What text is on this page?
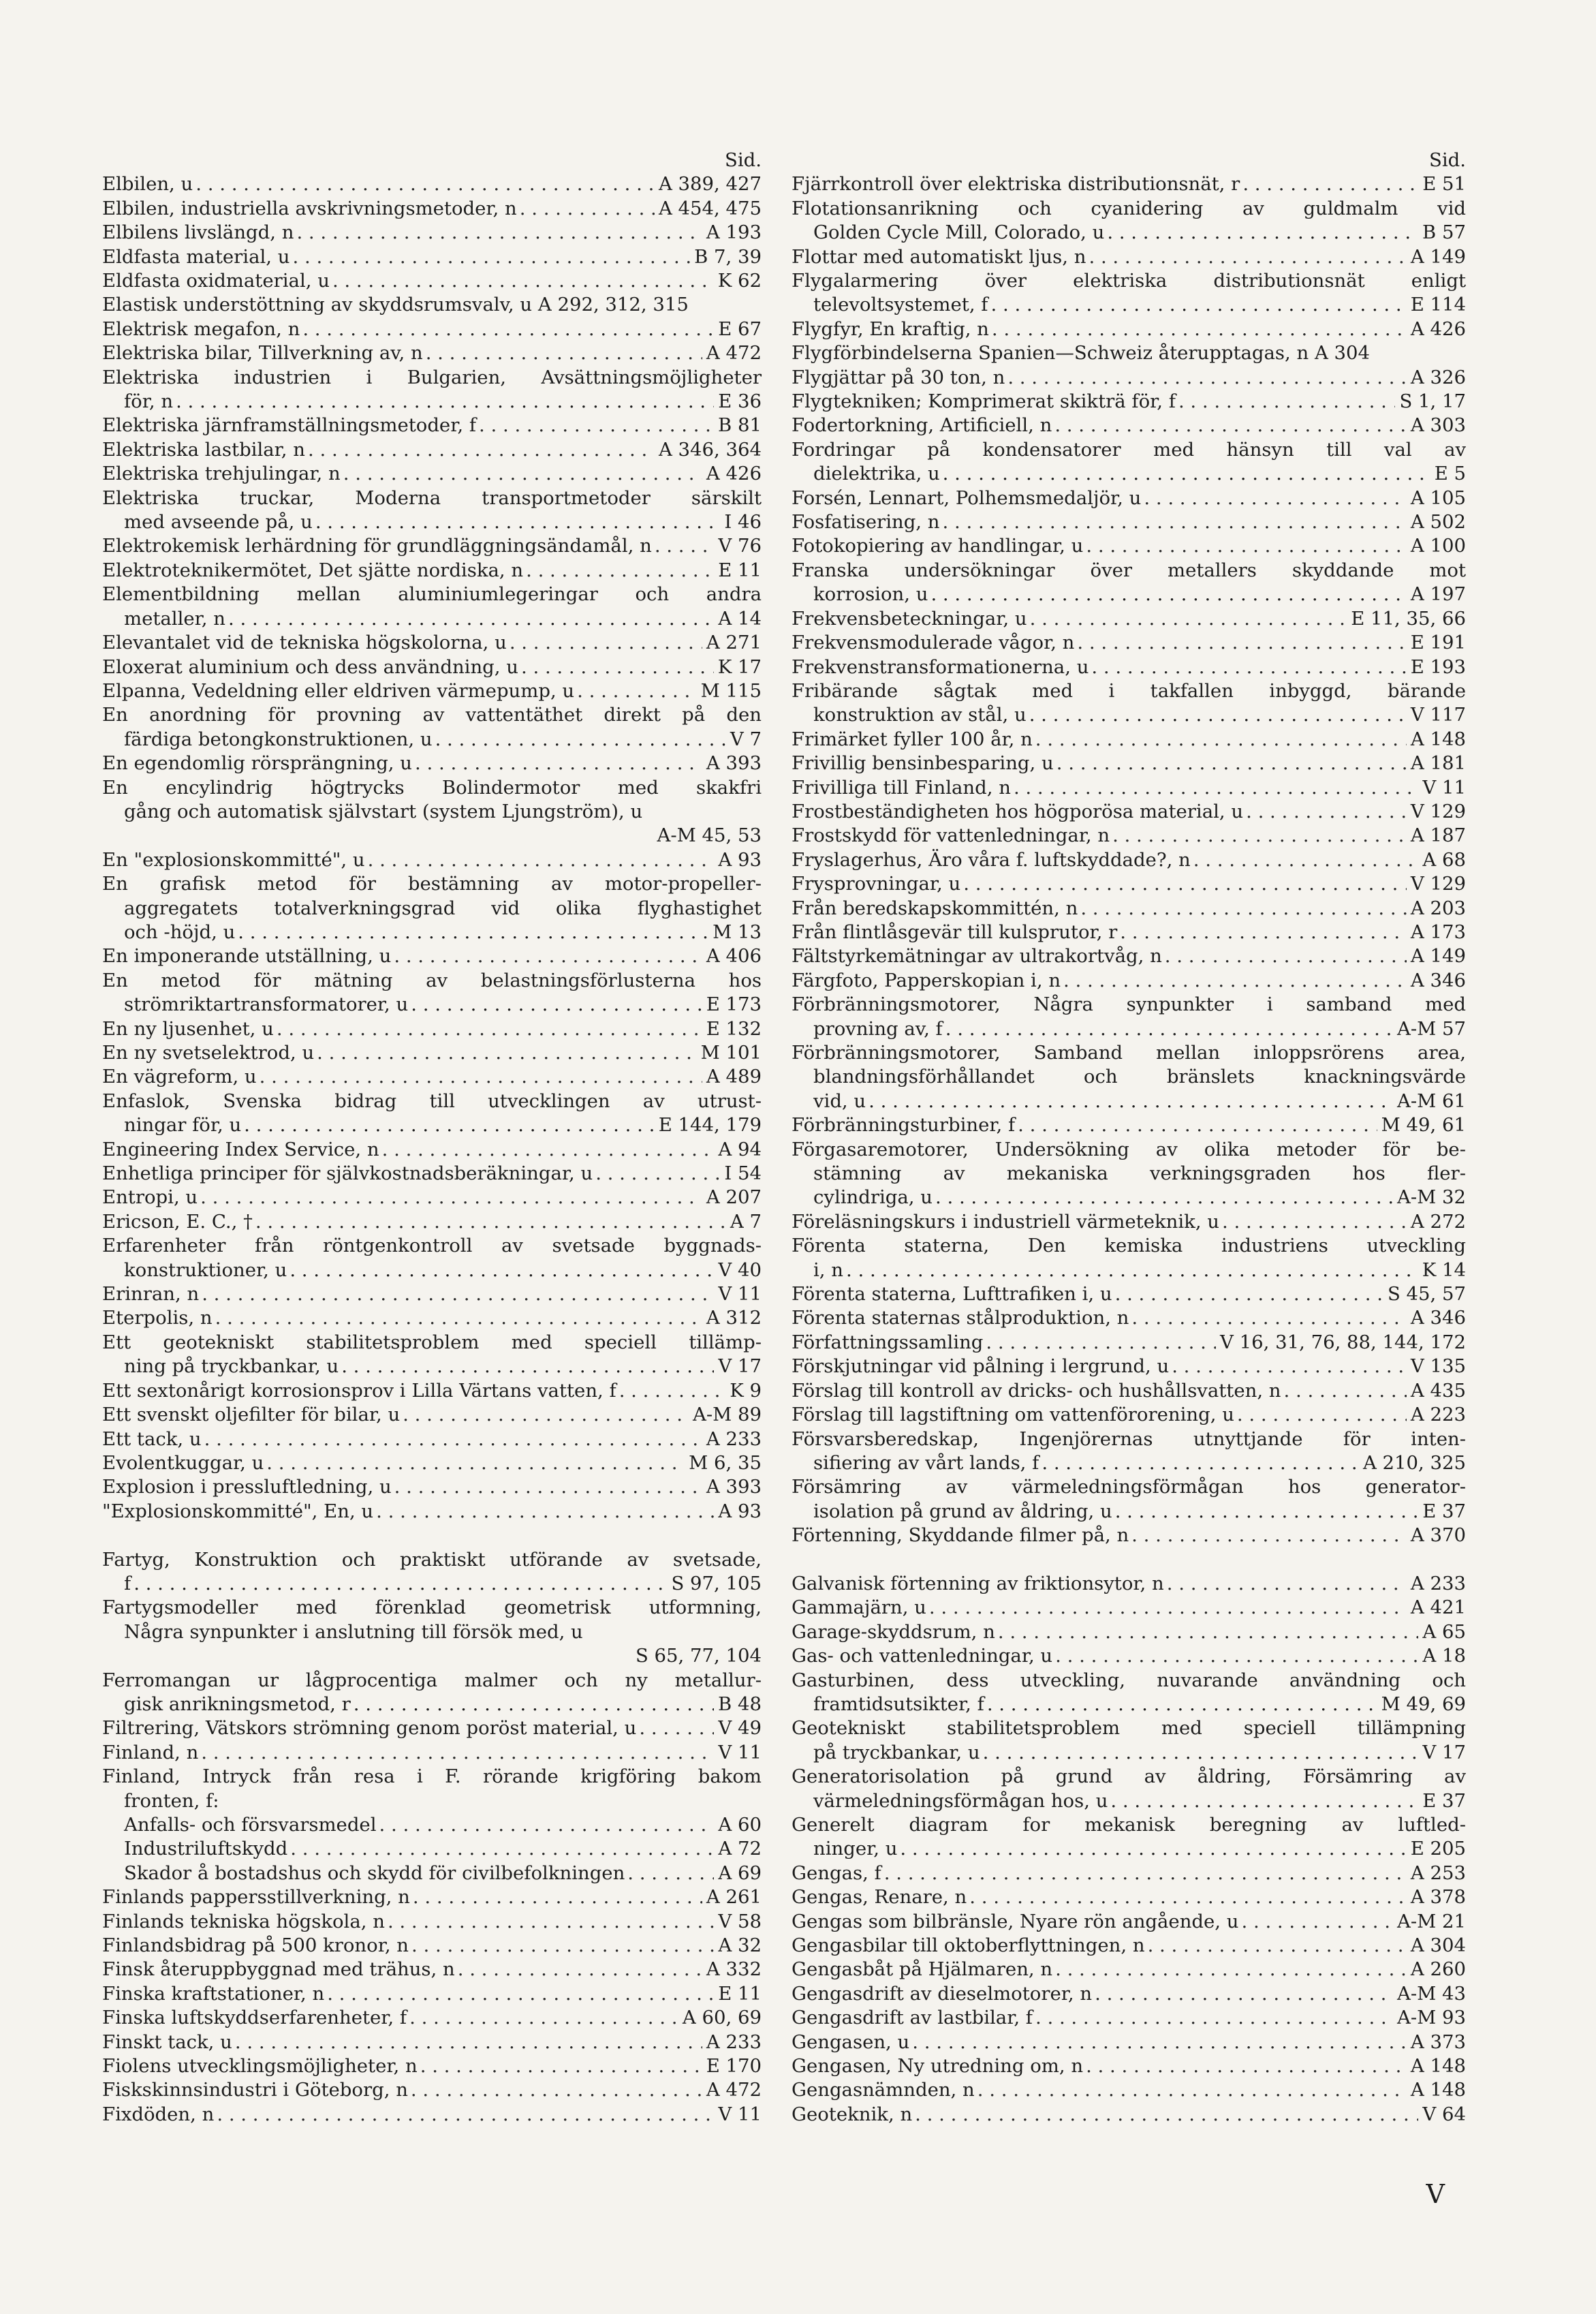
Sid.
Elbilen, u . . .	A 389, 427
Elbilen, industriella avskrivningsmetoder, n . . .	A 454, 475
Elbilens livslängd, n . . .	A 193
Eldfasta material, u . . .	B 7, 39
Eldfasta oxidmaterial, u . . .	K 62
Elastisk understöttning av skyddsrumsvalv, u A 292, 312, 315
Elektrisk megafon, n . . .	E 67
Elektriska bilar, Tillverkning av, n . . .	A 472
Elektriska industrien i Bulgarien, Avsättningsmöjligheter
för, n . . .	E 36
Elektriska järnframställningsmetoder, f . . .	B 81
Elektriska lastbilar, n . . .	A 346, 364
Elektriska trehjulingar, n . . .	A 426
Elektriska truckar, Moderna transportmetoder särskilt
med avseende på, u . . .	I 46
Elektrokemisk lerhärdning för grundläggningsändamål, n . . .	V 76
Elektroteknikermötet, Det sjätte nordiska, n . . .	E 11
Elementbildning mellan aluminiumlegeringar och andra
metaller, n . . .	A 14
Elevantalet vid de tekniska högskolorna, u . . .	A 271
Eloxerat aluminium och dess användning, u . . .	K 17
Elpanna, Vedeldning eller eldriven värmepump, u . . .	M 115
En anordning för provning av vattentäthet direkt på den
färdiga betongkonstruktionen, u . . .	V 7
En egendomlig rörsprängning, u . . .	A 393
En encylindrig högtrycks Bolindermotor med skakfri
gång och automatisk självstart (system Ljungström), u
A-M 45, 53
En "explosionskommitté", u . . .	A 93
En grafisk metod för bestämning av motor-propeller-
aggregatets totalverkningsgrad vid olika flyghastighet
och -höjd, u . . .	M 13
En imponerande utställning, u . . .	A 406
En metod för mätning av belastningsförlusterna hos
strömriktartransformatorer, u . . .	E 173
En ny ljusenhet, u . . .	E 132
En ny svetselektrod, u . . .	M 101
En vägreform, u . . .	A 489
Enfaslok, Svenska bidrag till utvecklingen av utrust-
ningar för, u . . .	E 144, 179
Engineering Index Service, n . . .	A 94
Enhetliga principer för självkostnadsberäkningar, u . . .	I 54
Entropi, u . . .	A 207
Ericson, E. C., † . . .	A 7
Erfarenheter från röntgenkontroll av svetsade byggnads-
konstruktioner, u . . .	V 40
Erinran, n . . .	V 11
Eterpolis, n . . .	A 312
Ett geotekniskt stabilitetsproblem med speciell tillämp-
ning på tryckbankar, u . . .	V 17
Ett sextonårigt korrosionsprov i Lilla Värtans vatten, f . . .	K 9
Ett svenskt oljefilter för bilar, u . . .	A-M 89
Ett tack, u . . .	A 233
Evolentkuggar, u . . .	M 6, 35
Explosion i pressluftledning, u . . .	A 393
"Explosionskommitté", En, u . . .	A 93
Fartyg, Konstruktion och praktiskt utförande av svetsade,
f . . .	S 97, 105
Fartygsmodeller med förenklad geometrisk utformning,
Några synpunkter i anslutning till försök med, u
S 65, 77, 104
Ferromangan ur lågprocentiga malmer och ny metallur-
gisk anrikningsmetod, r . . .	B 48
Filtrering, Vätskors strömning genom poröst material, u . . .	V 49
Finland, n . . .	V 11
Finland, Intryck från resa i F. rörande krigföring bakom
fronten, f:
Anfalls- och försvarsmedel . . .	A 60
Industriluftskydd . . .	A 72
Skador å bostadshus och skydd för civilbefolkningen . . .	A 69
Finlands pappersstillverkning, n . . .	A 261
Finlands tekniska högskola, n . . .	V 58
Finlandsbidrag på 500 kronor, n . . .	A 32
Finsk återuppbyggnad med trähus, n . . .	A 332
Finska kraftstationer, n . . .	E 11
Finska luftskyddserfarenheter, f . . .	A 60, 69
Finskt tack, u . . .	A 233
Fiolens utvecklingsmöjligheter, n . . .	E 170
Fiskskinnsindustri i Göteborg, n . . .	A 472
Fixdöden, n . . .	V 11
Sid.
Fjärrkontroll över elektriska distributionsnät, r . . .	E 51
Flotationsanrikning och cyanidering av guldmalm vid
Golden Cycle Mill, Colorado, u . . .	B 57
Flottar med automatiskt ljus, n . . .	A 149
Flygalarmering över elektriska distributionsnät enligt
televoltsystemet, f . . .	E 114
Flygfyr, En kraftig, n . . .	A 426
Flygförbindelserna Spanien—Schweiz återupptagas, n A 304
Flygjättar på 30 ton, n . . .	A 326
Flygtekniken; Komprimerat skikträ för, f . . .	S 1, 17
Fodertorkning, Artificiell, n . . .	A 303
Fordringar på kondensatorer med hänsyn till val av
dielektrika, u . . .	E 5
Forsén, Lennart, Polhemsmedaljör, u . . .	A 105
Fosfatisering, n . . .	A 502
Fotokopiering av handlingar, u . . .	A 100
Franska undersökningar över metallers skyddande mot
korrosion, u . . .	A 197
Frekvensbeteckningar, u . . .	E 11, 35, 66
Frekvensmodulerade vågor, n . . .	E 191
Frekvenstransformationerna, u . . .	E 193
Fribärande sågtak med i takfallen inbyggd, bärande
konstruktion av stål, u . . .	V 117
Frimärket fyller 100 år, n . . .	A 148
Frivillig bensinbesparing, u . . .	A 181
Frivilliga till Finland, n . . .	V 11
Frostbeständigheten hos högporösa material, u . . .	V 129
Frostskydd för vattenledningar, n . . .	A 187
Fryslagerhus, Äro våra f. luftskyddade?, n . . .	A 68
Frysprovningar, u . . .	V 129
Från beredskapskommittén, n . . .	A 203
Från flintlåsgevär till kulsprutor, r . . .	A 173
Fältstyrkemätningar av ultrakortvåg, n . . .	A 149
Färgfoto, Papperskopian i, n . . .	A 346
Förbränningsmotorer, Några synpunkter i samband med
provning av, f . . .	A-M 57
Förbränningsmotorer, Samband mellan inloppsrörens area,
blandningsförhållandet och bränslets knackningsvärde
vid, u . . .	A-M 61
Förbränningsturbiner, f . . .	M 49, 61
Förgasaremotorer, Undersökning av olika metoder för be-
stämning av mekaniska verkningsgraden hos fler-
cylindriga, u . . .	A-M 32
Föreläsningskurs i industriell värmeteknik, u . . .	A 272
Förenta staterna, Den kemiska industriens utveckling
i, n . . .	K 14
Förenta staterna, Lufttrafiken i, u . . .	S 45, 57
Förenta staternas stålproduktion, n . . .	A 346
Författningssamling . . .	V 16, 31, 76, 88, 144, 172
Förskjutningar vid pålning i lergrund, u . . .	V 135
Förslag till kontroll av dricks- och hushållsvatten, n . . .	A 435
Förslag till lagstiftning om vattenförorening, u . . .	A 223
Försvarsberedskap, Ingenjörernas utnyttjande för inten-
sifiering av vårt lands, f . . .	A 210, 325
Försämring av värmeledningsförmågan hos generator-
isolation på grund av åldring, u . . .	E 37
Förtenning, Skyddande filmer på, n . . .	A 370
Galvanisk förtenning av friktionsytor, n . . .	A 233
Gammajärn, u . . .	A 421
Garage-skyddsrum, n . . .	A 65
Gas- och vattenledningar, u . . .	A 18
Gasturbinen, dess utveckling, nuvarande användning och
framtidsutsikter, f . . .	M 49, 69
Geotekniskt stabilitetsproblem med speciell tillämpning
på tryckbankar, u . . .	V 17
Generatorisolation på grund av åldring, Försämring av
värmeledningsförmågan hos, u . . .	E 37
Generelt diagram for mekanisk beregning av luftled-
ninger, u . . .	E 205
Gengas, f . . .	A 253
Gengas, Renare, n . . .	A 378
Gengas som bilbränsle, Nyare rön angående, u . . .	A-M 21
Gengasbilar till oktoberflyttningen, n . . .	A 304
Gengasbåt på Hjälmaren, n . . .	A 260
Gengasdrift av dieselmotorer, n . . .	A-M 43
Gengasdrift av lastbilar, f . . .	A-M 93
Gengasen, u . . .	A 373
Gengasen, Ny utredning om, n . . .	A 148
Gengasnämnden, n . . .	A 148
Geoteknik, n . . .	V 64
V
